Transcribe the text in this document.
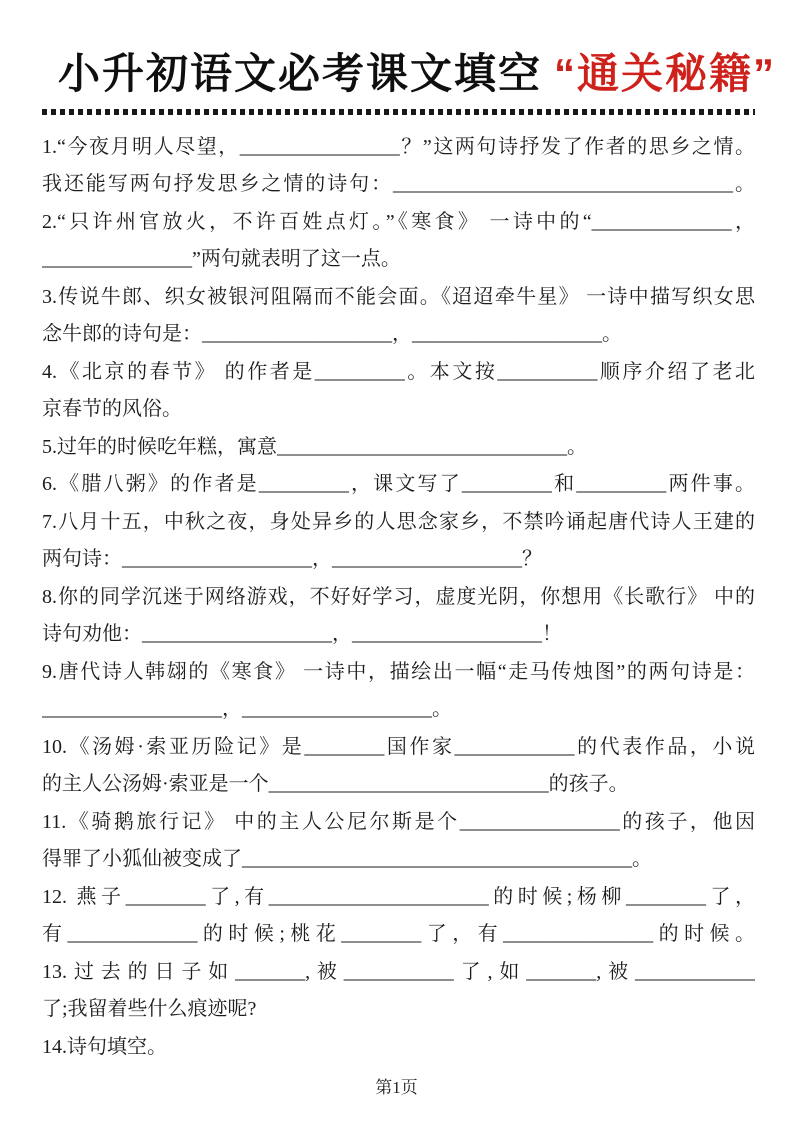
小升初语文必考课文填空 “通关秘籍”
1.“今夜月明人尽望，________________？”这两句诗抒发了作者的思乡之情。
我还能写两句抒发思乡之情的诗句：__________________________________。
2.“只许州官放火，不许百姓点灯。”《寒食》 一诗中的“______________，
_______________”两句就表明了这一点。
3.传说牛郎、织女被银河阻隔而不能会面。《迢迢牵牛星》 一诗中描写织女思
念牛郎的诗句是：___________________，___________________。
4.《北京的春节》 的作者是_________。本文按__________顺序介绍了老北
京春节的风俗。
5.过年的时候吃年糕，寓意_____________________________。
6.《腊八粥》的作者是_________，课文写了_________和_________两件事。
7.八月十五，中秋之夜，身处异乡的人思念家乡，不禁吟诵起唐代诗人王建的
两句诗：___________________，___________________？
8.你的同学沉迷于网络游戏，不好好学习，虚度光阴，你想用《长歌行》 中的
诗句劝他：___________________，___________________！
9.唐代诗人韩翃的《寒食》 一诗中，描绘出一幅“走马传烛图”的两句诗是：
__________________，___________________。
10.《汤姆·索亚历险记》是________国作家____________的代表作品，小说
的主人公汤姆·索亚是一个____________________________的孩子。
11.《骑鹅旅行记》 中的主人公尼尔斯是个________________的孩子，他因
得罪了小狐仙被变成了_______________________________________。
12. 燕子________了,有______________________的时候;杨柳________了，
有_____________的时候;桃花________了，有_______________的时候。
13.过去的日子如_______,被___________了,如_______,被____________
了;我留着些什么痕迹呢?
14.诗句填空。
第1页
